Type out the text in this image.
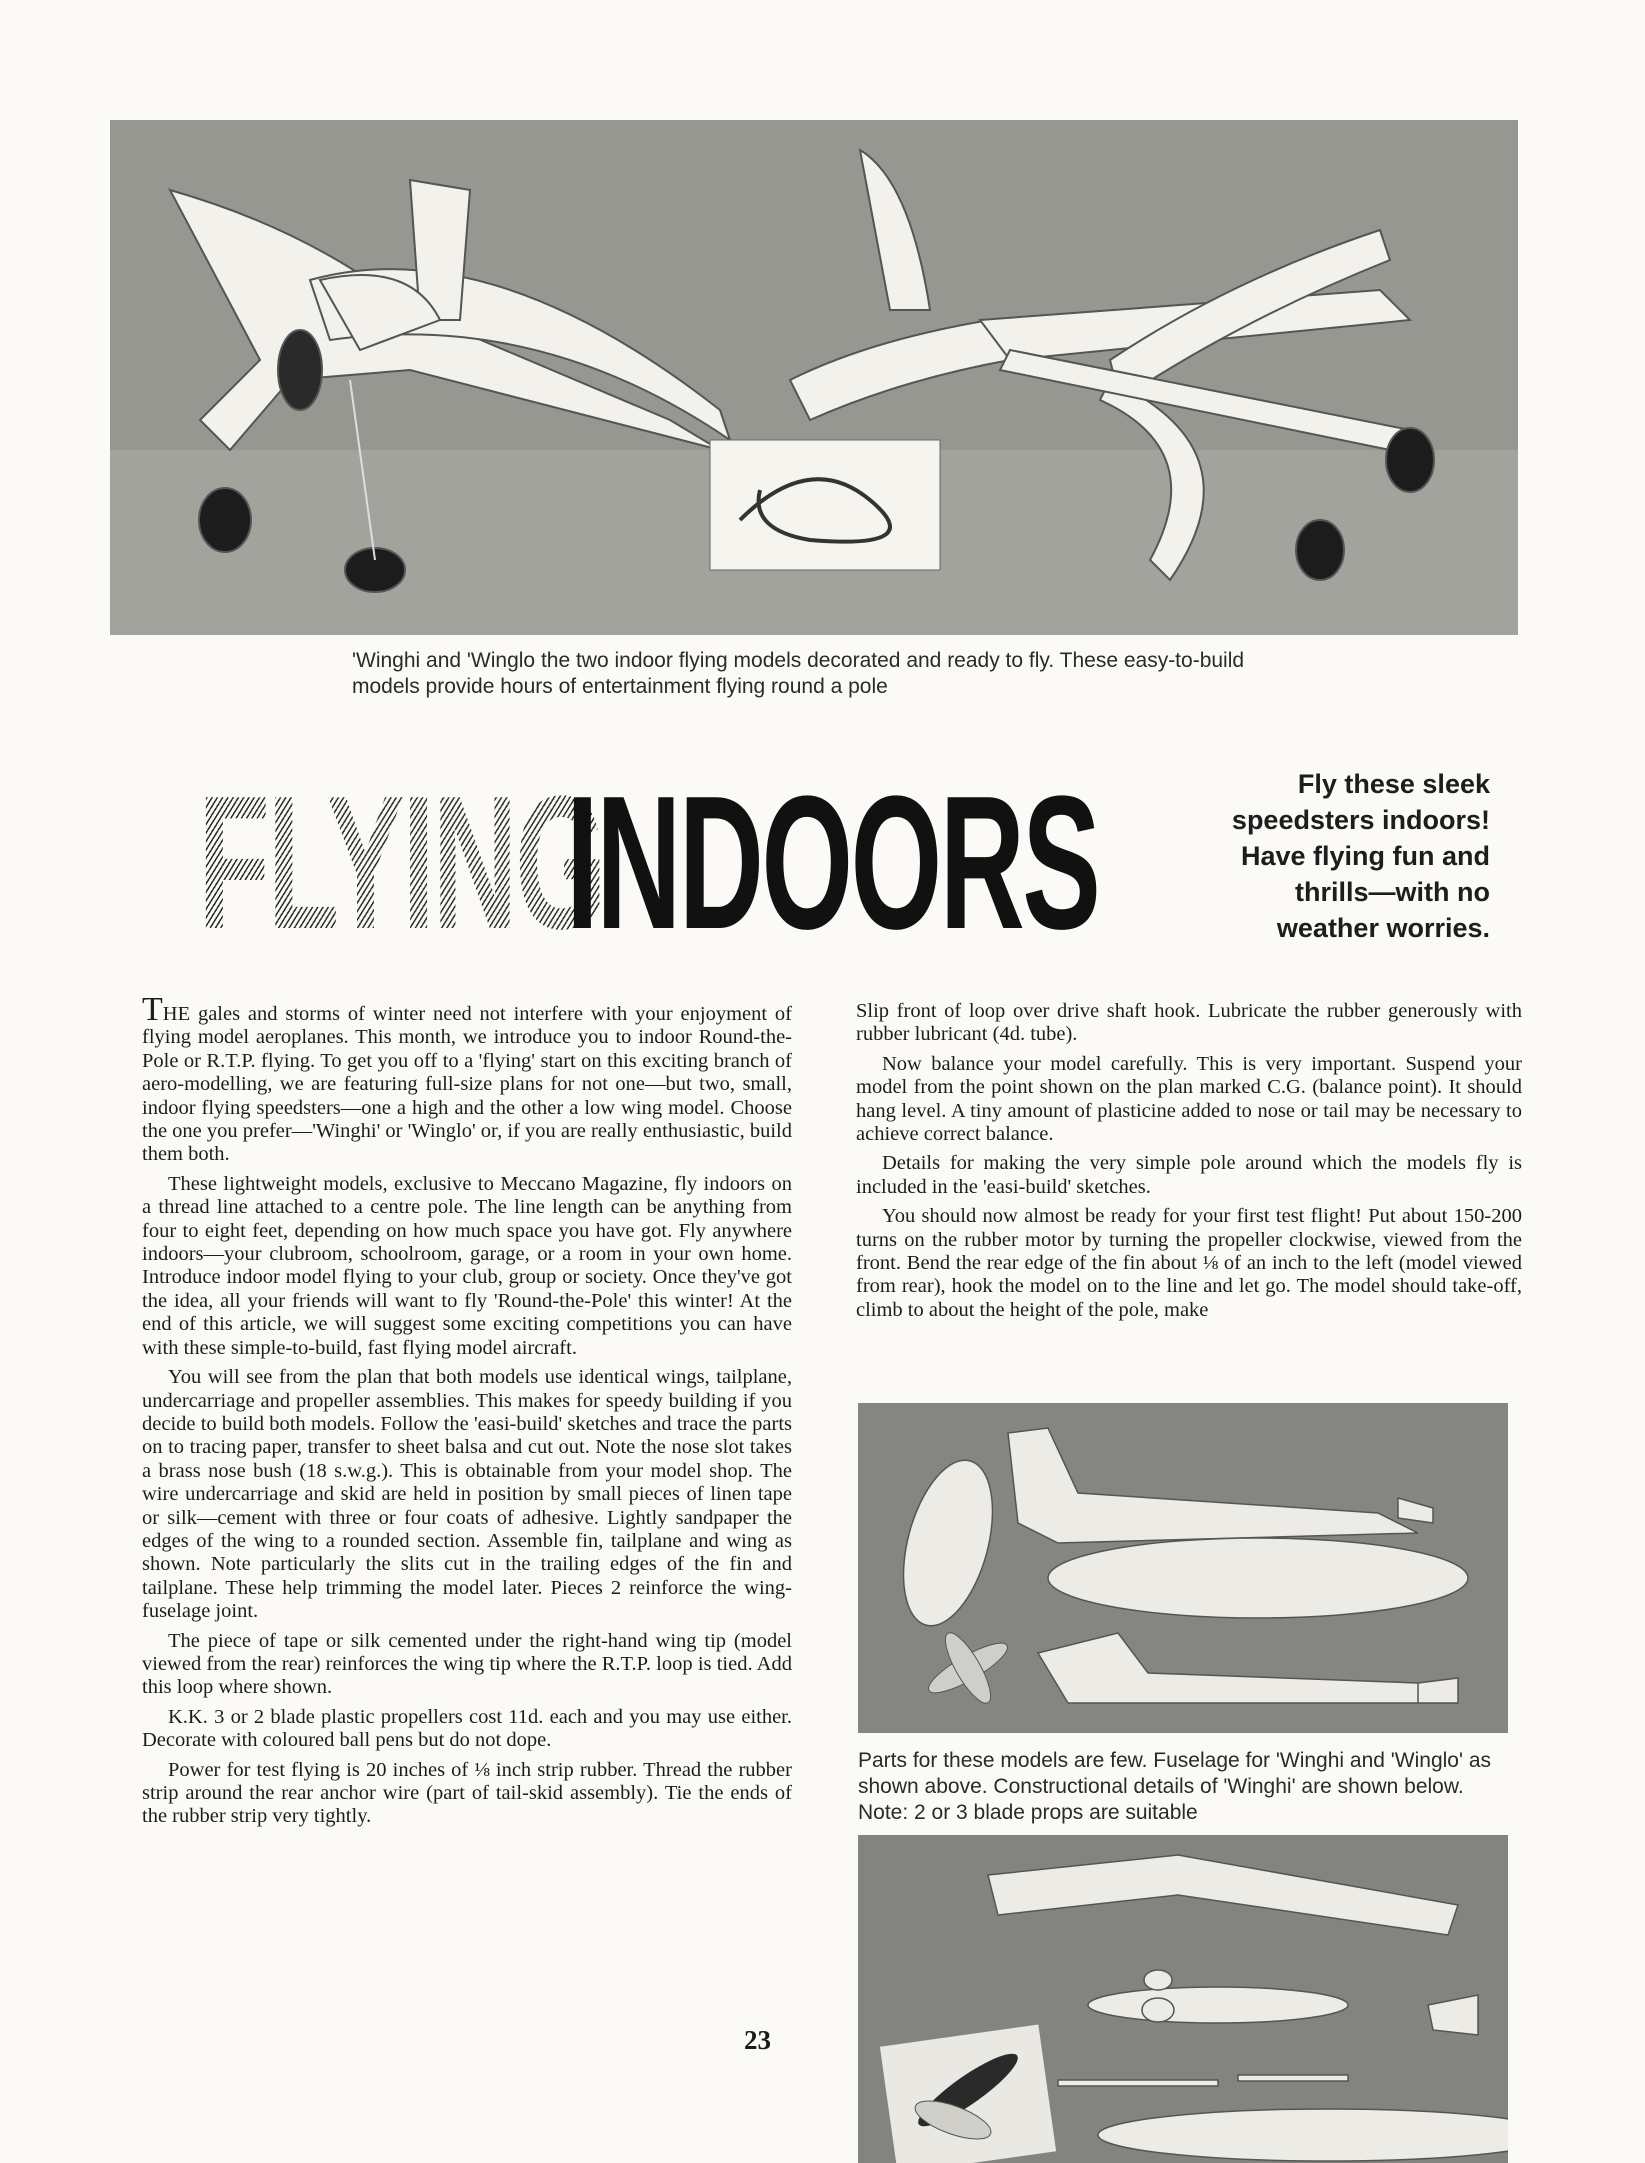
'Winghi and 'Winglo the two indoor flying models decorated and ready to fly. These easy-to-build models provide hours of entertainment flying round a pole
FLYING
INDOORS	Fly these sleek speedsters indoors! Have flying fun and thrills—with no weather worries.

THE gales and storms of winter need not interfere with your enjoyment of flying model aeroplanes. This month, we introduce you to indoor Round-the-Pole or R.T.P. flying. To get you off to a 'flying' start on this exciting branch of aero-modelling, we are featuring full-size plans for not one—but two, small, indoor flying speedsters—one a high and the other a low wing model. Choose the one you prefer—'Winghi' or 'Winglo' or, if you are really enthusiastic, build them both.

These lightweight models, exclusive to Meccano Magazine, fly indoors on a thread line attached to a centre pole. The line length can be anything from four to eight feet, depending on how much space you have got. Fly anywhere indoors—your clubroom, schoolroom, garage, or a room in your own home. Introduce indoor model flying to your club, group or society. Once they've got the idea, all your friends will want to fly 'Round-the-Pole' this winter! At the end of this article, we will suggest some exciting competitions you can have with these simple-to-build, fast flying model aircraft.

You will see from the plan that both models use identical wings, tailplane, undercarriage and propeller assemblies. This makes for speedy building if you decide to build both models. Follow the 'easi-build' sketches and trace the parts on to tracing paper, transfer to sheet balsa and cut out. Note the nose slot takes a brass nose bush (18 s.w.g.). This is obtainable from your model shop. The wire undercarriage and skid are held in position by small pieces of linen tape or silk—cement with three or four coats of adhesive. Lightly sandpaper the edges of the wing to a rounded section. Assemble fin, tailplane and wing as shown. Note particularly the slits cut in the trailing edges of the fin and tailplane. These help trimming the model later. Pieces 2 reinforce the wing-fuselage joint.

The piece of tape or silk cemented under the right-hand wing tip (model viewed from the rear) reinforces the wing tip where the R.T.P. loop is tied. Add this loop where shown.

K.K. 3 or 2 blade plastic propellers cost 11d. each and you may use either. Decorate with coloured ball pens but do not dope.

Power for test flying is 20 inches of ⅛ inch strip rubber. Thread the rubber strip around the rear anchor wire (part of tail-skid assembly). Tie the ends of the rubber strip very tightly.

Slip front of loop over drive shaft hook. Lubricate the rubber generously with rubber lubricant (4d. tube).

Now balance your model carefully. This is very important. Suspend your model from the point shown on the plan marked C.G. (balance point). It should hang level. A tiny amount of plasticine added to nose or tail may be necessary to achieve correct balance.

Details for making the very simple pole around which the models fly is included in the 'easi-build' sketches.

You should now almost be ready for your first test flight! Put about 150-200 turns on the rubber motor by turning the propeller clockwise, viewed from the front. Bend the rear edge of the fin about ⅛ of an inch to the left (model viewed from rear), hook the model on to the line and let go. The model should take-off, climb to about the height of the pole, make

Parts for these models are few. Fuselage for 'Winghi and 'Winglo' as shown above. Constructional details of 'Winghi' are shown below. Note: 2 or 3 blade props are suitable
23
